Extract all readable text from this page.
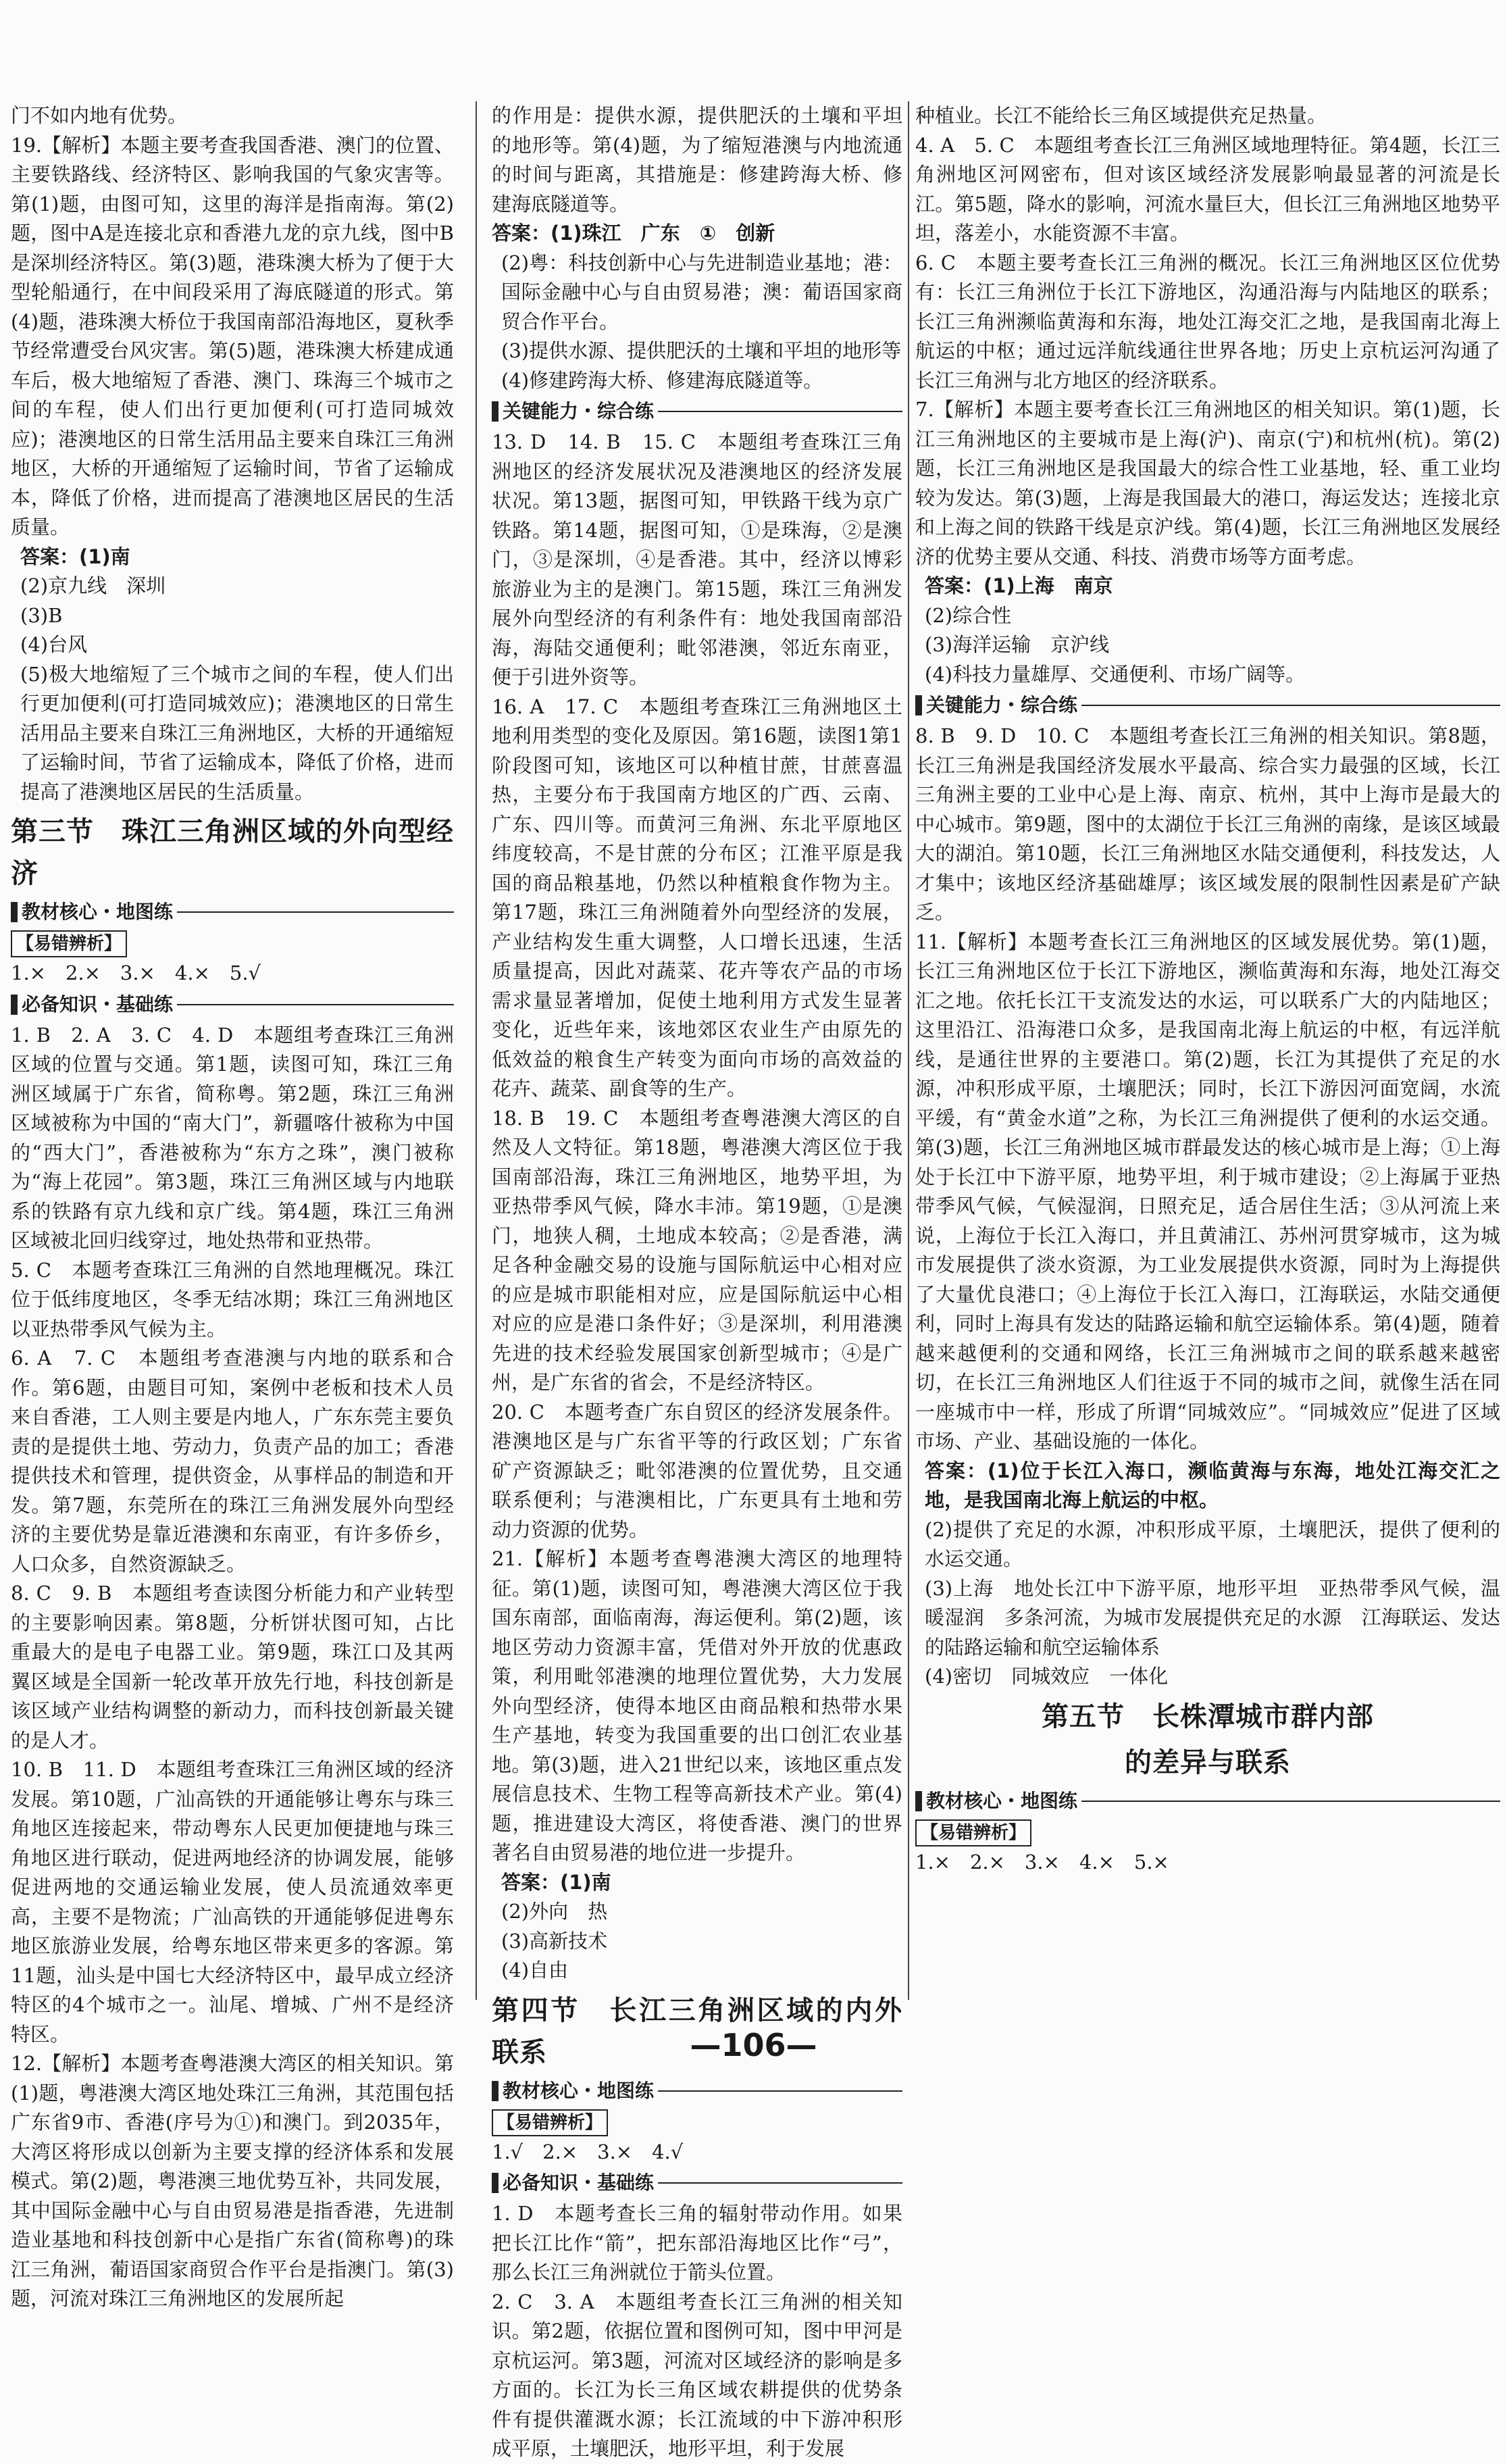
门不如内地有优势。

19.【解析】本题主要考查我国香港、澳门的位置、主要铁路线、经济特区、影响我国的气象灾害等。第(1)题，由图可知，这里的海洋是指南海。第(2)题，图中A是连接北京和香港九龙的京九线，图中B是深圳经济特区。第(3)题，港珠澳大桥为了便于大型轮船通行，在中间段采用了海底隧道的形式。第(4)题，港珠澳大桥位于我国南部沿海地区，夏秋季节经常遭受台风灾害。第(5)题，港珠澳大桥建成通车后，极大地缩短了香港、澳门、珠海三个城市之间的车程，使人们出行更加便利(可打造同城效应)；港澳地区的日常生活用品主要来自珠江三角洲地区，大桥的开通缩短了运输时间，节省了运输成本，降低了价格，进而提高了港澳地区居民的生活质量。

答案：(1)南

(2)京九线　深圳

(3)B

(4)台风

(5)极大地缩短了三个城市之间的车程，使人们出行更加便利(可打造同城效应)；港澳地区的日常生活用品主要来自珠江三角洲地区，大桥的开通缩短了运输时间，节省了运输成本，降低了价格，进而提高了港澳地区居民的生活质量。

第三节　珠江三角洲区域的外向型经济
教材核心・地图练
【易错辨析】

1.×　2.×　3.×　4.×　5.√

必备知识・基础练

1. B　2. A　3. C　4. D　本题组考查珠江三角洲区域的位置与交通。第1题，读图可知，珠江三角洲区域属于广东省，简称粤。第2题，珠江三角洲区域被称为中国的“南大门”，新疆喀什被称为中国的“西大门”，香港被称为“东方之珠”，澳门被称为“海上花园”。第3题，珠江三角洲区域与内地联系的铁路有京九线和京广线。第4题，珠江三角洲区域被北回归线穿过，地处热带和亚热带。

5. C　本题考查珠江三角洲的自然地理概况。珠江位于低纬度地区，冬季无结冰期；珠江三角洲地区以亚热带季风气候为主。

6. A　7. C　本题组考查港澳与内地的联系和合作。第6题，由题目可知，案例中老板和技术人员来自香港，工人则主要是内地人，广东东莞主要负责的是提供土地、劳动力，负责产品的加工；香港提供技术和管理，提供资金，从事样品的制造和开发。第7题，东莞所在的珠江三角洲发展外向型经济的主要优势是靠近港澳和东南亚，有许多侨乡，人口众多，自然资源缺乏。

8. C　9. B　本题组考查读图分析能力和产业转型的主要影响因素。第8题，分析饼状图可知，占比重最大的是电子电器工业。第9题，珠江口及其两翼区域是全国新一轮改革开放先行地，科技创新是该区域产业结构调整的新动力，而科技创新最关键的是人才。

10. B　11. D　本题组考查珠江三角洲区域的经济发展。第10题，广汕高铁的开通能够让粤东与珠三角地区连接起来，带动粤东人民更加便捷地与珠三角地区进行联动，促进两地经济的协调发展，能够促进两地的交通运输业发展，使人员流通效率更高，主要不是物流；广汕高铁的开通能够促进粤东地区旅游业发展，给粤东地区带来更多的客源。第11题，汕头是中国七大经济特区中，最早成立经济特区的4个城市之一。汕尾、增城、广州不是经济特区。

12.【解析】本题考查粤港澳大湾区的相关知识。第(1)题，粤港澳大湾区地处珠江三角洲，其范围包括广东省9市、香港(序号为①)和澳门。到2035年，大湾区将形成以创新为主要支撑的经济体系和发展模式。第(2)题，粤港澳三地优势互补，共同发展，其中国际金融中心与自由贸易港是指香港，先进制造业基地和科技创新中心是指广东省(简称粤)的珠江三角洲，葡语国家商贸合作平台是指澳门。第(3)题，河流对珠江三角洲地区的发展所起

的作用是：提供水源，提供肥沃的土壤和平坦的地形等。第(4)题，为了缩短港澳与内地流通的时间与距离，其措施是：修建跨海大桥、修建海底隧道等。

答案：(1)珠江　广东　①　创新

(2)粤：科技创新中心与先进制造业基地；港：国际金融中心与自由贸易港；澳：葡语国家商贸合作平台。

(3)提供水源、提供肥沃的土壤和平坦的地形等

(4)修建跨海大桥、修建海底隧道等。

关键能力・综合练

13. D　14. B　15. C　本题组考查珠江三角洲地区的经济发展状况及港澳地区的经济发展状况。第13题，据图可知，甲铁路干线为京广铁路。第14题，据图可知，①是珠海，②是澳门，③是深圳，④是香港。其中，经济以博彩旅游业为主的是澳门。第15题，珠江三角洲发展外向型经济的有利条件有：地处我国南部沿海，海陆交通便利；毗邻港澳，邻近东南亚，便于引进外资等。

16. A　17. C　本题组考查珠江三角洲地区土地利用类型的变化及原因。第16题，读图1第1阶段图可知，该地区可以种植甘蔗，甘蔗喜温热，主要分布于我国南方地区的广西、云南、广东、四川等。而黄河三角洲、东北平原地区纬度较高，不是甘蔗的分布区；江淮平原是我国的商品粮基地，仍然以种植粮食作物为主。第17题，珠江三角洲随着外向型经济的发展，产业结构发生重大调整，人口增长迅速，生活质量提高，因此对蔬菜、花卉等农产品的市场需求量显著增加，促使土地利用方式发生显著变化，近些年来，该地郊区农业生产由原先的低效益的粮食生产转变为面向市场的高效益的花卉、蔬菜、副食等的生产。

18. B　19. C　本题组考查粤港澳大湾区的自然及人文特征。第18题，粤港澳大湾区位于我国南部沿海，珠江三角洲地区，地势平坦，为亚热带季风气候，降水丰沛。第19题，①是澳门，地狭人稠，土地成本较高；②是香港，满足各种金融交易的设施与国际航运中心相对应的应是城市职能相对应，应是国际航运中心相对应的应是港口条件好；③是深圳，利用港澳先进的技术经验发展国家创新型城市；④是广州，是广东省的省会，不是经济特区。

20. C　本题考查广东自贸区的经济发展条件。港澳地区是与广东省平等的行政区划；广东省矿产资源缺乏；毗邻港澳的位置优势，且交通联系便利；与港澳相比，广东更具有土地和劳动力资源的优势。

21.【解析】本题考查粤港澳大湾区的地理特征。第(1)题，读图可知，粤港澳大湾区位于我国东南部，面临南海，海运便利。第(2)题，该地区劳动力资源丰富，凭借对外开放的优惠政策，利用毗邻港澳的地理位置优势，大力发展外向型经济，使得本地区由商品粮和热带水果生产基地，转变为我国重要的出口创汇农业基地。第(3)题，进入21世纪以来，该地区重点发展信息技术、生物工程等高新技术产业。第(4)题，推进建设大湾区，将使香港、澳门的世界著名自由贸易港的地位进一步提升。

答案：(1)南

(2)外向　热

(3)高新技术

(4)自由

第四节　长江三角洲区域的内外联系
教材核心・地图练
【易错辨析】

1.√　2.×　3.×　4.√

必备知识・基础练

1. D　本题考查长三角的辐射带动作用。如果把长江比作“箭”，把东部沿海地区比作“弓”，那么长江三角洲就位于箭头位置。

2. C　3. A　本题组考查长江三角洲的相关知识。第2题，依据位置和图例可知，图中甲河是京杭运河。第3题，河流对区域经济的影响是多方面的。长江为长三角区域农耕提供的优势条件有提供灌溉水源；长江流域的中下游冲积形成平原，土壤肥沃，地形平坦，利于发展

种植业。长江不能给长三角区域提供充足热量。

4. A　5. C　本题组考查长江三角洲区域地理特征。第4题，长江三角洲地区河网密布，但对该区域经济发展影响最显著的河流是长江。第5题，降水的影响，河流水量巨大，但长江三角洲地区地势平坦，落差小，水能资源不丰富。

6. C　本题主要考查长江三角洲的概况。长江三角洲地区区位优势有：长江三角洲位于长江下游地区，沟通沿海与内陆地区的联系；长江三角洲濒临黄海和东海，地处江海交汇之地，是我国南北海上航运的中枢；通过远洋航线通往世界各地；历史上京杭运河沟通了长江三角洲与北方地区的经济联系。

7.【解析】本题主要考查长江三角洲地区的相关知识。第(1)题，长江三角洲地区的主要城市是上海(沪)、南京(宁)和杭州(杭)。第(2)题，长江三角洲地区是我国最大的综合性工业基地，轻、重工业均较为发达。第(3)题，上海是我国最大的港口，海运发达；连接北京和上海之间的铁路干线是京沪线。第(4)题，长江三角洲地区发展经济的优势主要从交通、科技、消费市场等方面考虑。

答案：(1)上海　南京

(2)综合性

(3)海洋运输　京沪线

(4)科技力量雄厚、交通便利、市场广阔等。

关键能力・综合练

8. B　9. D　10. C　本题组考查长江三角洲的相关知识。第8题，长江三角洲是我国经济发展水平最高、综合实力最强的区域，长江三角洲主要的工业中心是上海、南京、杭州，其中上海市是最大的中心城市。第9题，图中的太湖位于长江三角洲的南缘，是该区域最大的湖泊。第10题，长江三角洲地区水陆交通便利，科技发达，人才集中；该地区经济基础雄厚；该区域发展的限制性因素是矿产缺乏。

11.【解析】本题考查长江三角洲地区的区域发展优势。第(1)题，长江三角洲地区位于长江下游地区，濒临黄海和东海，地处江海交汇之地。依托长江干支流发达的水运，可以联系广大的内陆地区；这里沿江、沿海港口众多，是我国南北海上航运的中枢，有远洋航线，是通往世界的主要港口。第(2)题，长江为其提供了充足的水源，冲积形成平原，土壤肥沃；同时，长江下游因河面宽阔，水流平缓，有“黄金水道”之称，为长江三角洲提供了便利的水运交通。第(3)题，长江三角洲地区城市群最发达的核心城市是上海；①上海处于长江中下游平原，地势平坦，利于城市建设；②上海属于亚热带季风气候，气候湿润，日照充足，适合居住生活；③从河流上来说，上海位于长江入海口，并且黄浦江、苏州河贯穿城市，这为城市发展提供了淡水资源，为工业发展提供水资源，同时为上海提供了大量优良港口；④上海位于长江入海口，江海联运，水陆交通便利，同时上海具有发达的陆路运输和航空运输体系。第(4)题，随着越来越便利的交通和网络，长江三角洲城市之间的联系越来越密切，在长江三角洲地区人们往返于不同的城市之间，就像生活在同一座城市中一样，形成了所谓“同城效应”。“同城效应”促进了区域市场、产业、基础设施的一体化。

答案：(1)位于长江入海口，濒临黄海与东海，地处江海交汇之地，是我国南北海上航运的中枢。

(2)提供了充足的水源，冲积形成平原，土壤肥沃，提供了便利的水运交通。

(3)上海　地处长江中下游平原，地形平坦　亚热带季风气候，温暖湿润　多条河流，为城市发展提供充足的水源　江海联运、发达的陆路运输和航空运输体系

(4)密切　同城效应　一体化

第五节　长株潭城市群内部
的差异与联系
教材核心・地图练
【易错辨析】

1.×　2.×　3.×　4.×　5.×

—106—
